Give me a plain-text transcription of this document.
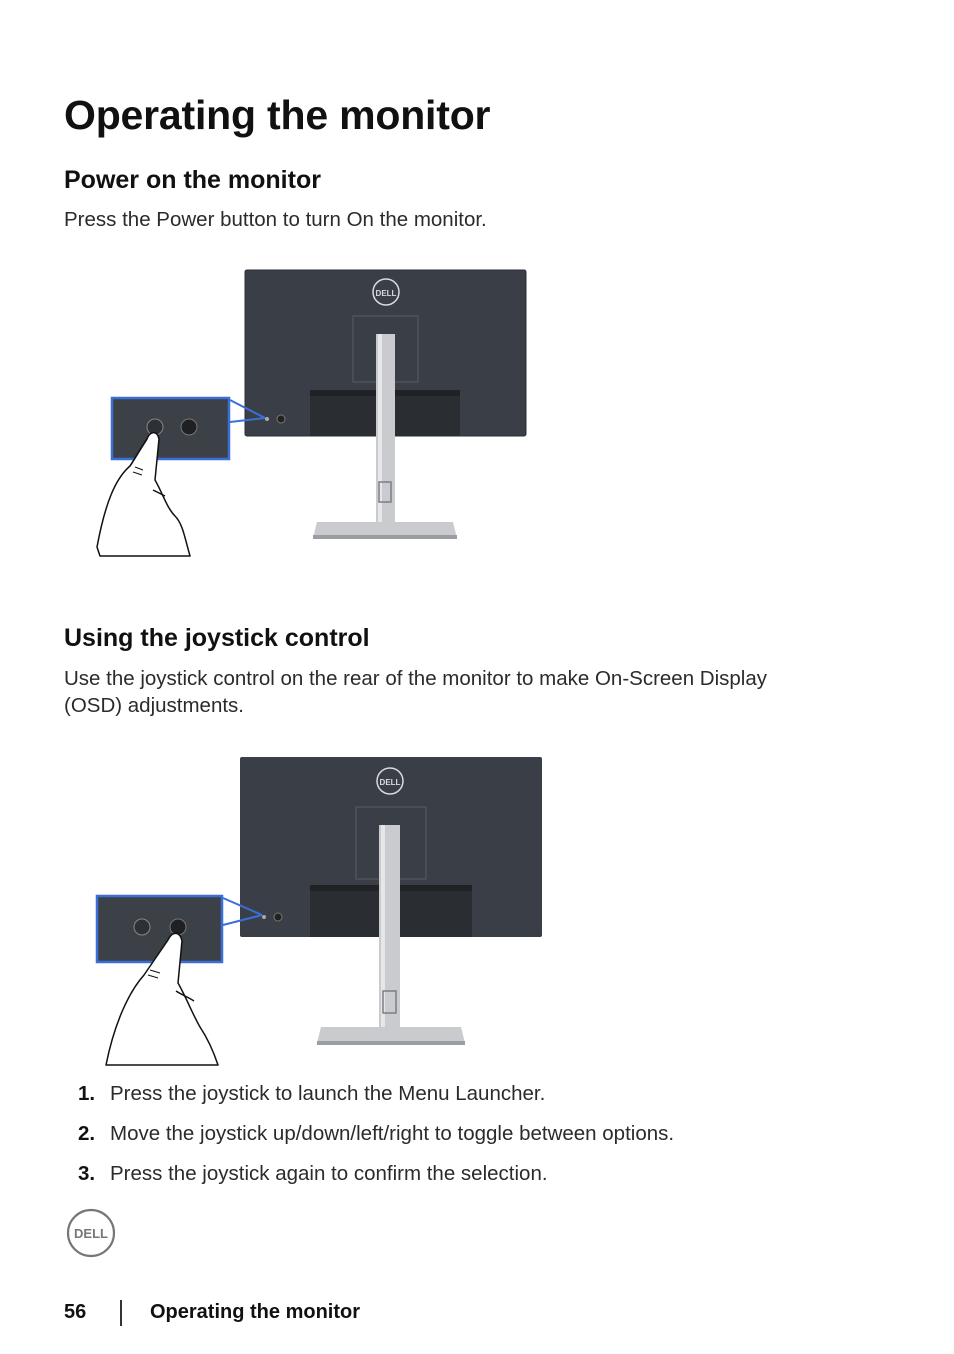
Operating the monitor
Power on the monitor
Press the Power button to turn On the monitor.
DELL
Using the joystick control
Use the joystick control on the rear of the monitor to make On-Screen Display (OSD) adjustments.
DELL
1. Press the joystick to launch the Menu Launcher.
2. Move the joystick up/down/left/right to toggle between options.
3. Press the joystick again to confirm the selection.
DELL
56	Operating the monitor
